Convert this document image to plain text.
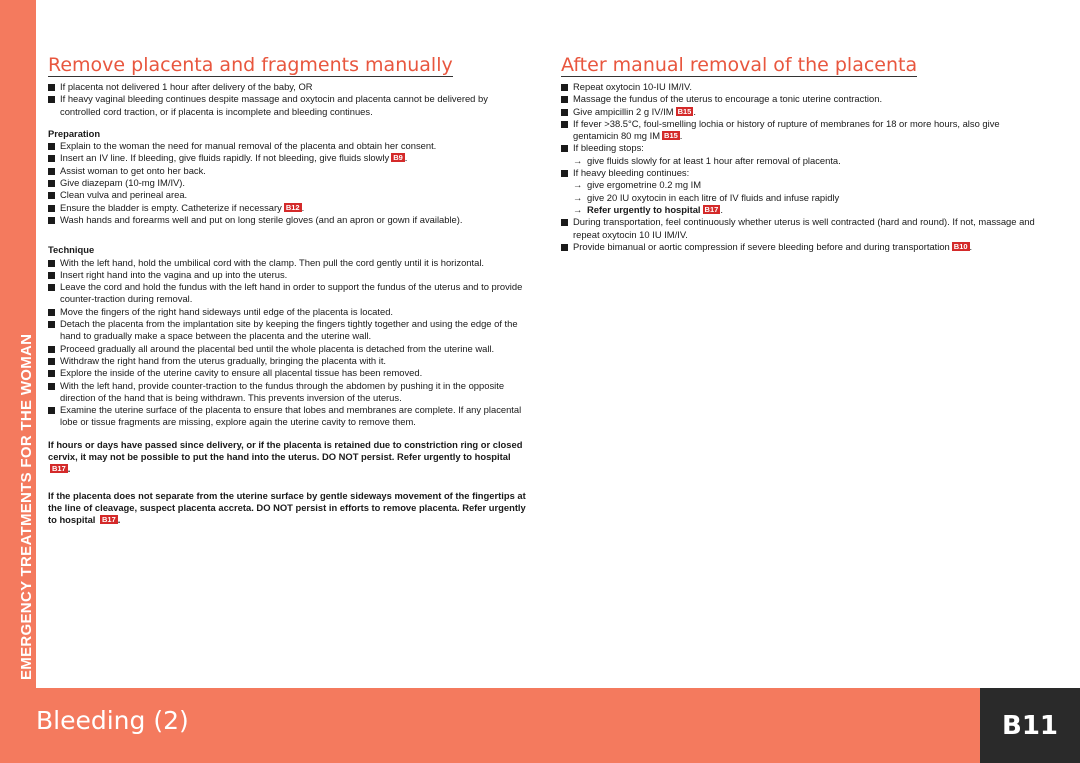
EMERGENCY TREATMENTS FOR THE WOMAN
Remove placenta and fragments manually
If placenta not delivered 1 hour after delivery of the baby, OR
If heavy vaginal bleeding continues despite massage and oxytocin and placenta cannot be delivered by controlled cord traction, or if placenta is incomplete and bleeding continues.
Preparation
Explain to the woman the need for manual removal of the placenta and obtain her consent.
Insert an IV line. If bleeding, give fluids rapidly. If not bleeding, give fluids slowly B9 .
Assist woman to get onto her back.
Give diazepam (10-mg IM/IV).
Clean vulva and perineal area.
Ensure the bladder is empty. Catheterize if necessary B12 .
Wash hands and forearms well and put on long sterile gloves (and an apron or gown if available).
Technique
With the left hand, hold the umbilical cord with the clamp. Then pull the cord gently until it is horizontal.
Insert right hand into the vagina and up into the uterus.
Leave the cord and hold the fundus with the left hand in order to support the fundus of the uterus and to provide counter-traction during removal.
Move the fingers of the right hand sideways until edge of the placenta is located.
Detach the placenta from the implantation site by keeping the fingers tightly together and using the edge of the hand to gradually make a space between the placenta and the uterine wall.
Proceed gradually all around the placental bed until the whole placenta is detached from the uterine wall.
Withdraw the right hand from the uterus gradually, bringing the placenta with it.
Explore the inside of the uterine cavity to ensure all placental tissue has been removed.
With the left hand, provide counter-traction to the fundus through the abdomen by pushing it in the opposite direction of the hand that is being withdrawn. This prevents inversion of the uterus.
Examine the uterine surface of the placenta to ensure that lobes and membranes are complete. If any placental lobe or tissue fragments are missing, explore again the uterine cavity to remove them.
If hours or days have passed since delivery, or if the placenta is retained due to constriction ring or closed cervix, it may not be possible to put the hand into the uterus. DO NOT persist. Refer urgently to hospital B17 .
If the placenta does not separate from the uterine surface by gentle sideways movement of the fingertips at the line of cleavage, suspect placenta accreta. DO NOT persist in efforts to remove placenta. Refer urgently to hospital B17 .
After manual removal of the placenta
Repeat oxytocin 10-IU IM/IV.
Massage the fundus of the uterus to encourage a tonic uterine contraction.
Give ampicillin 2 g IV/IM B15 .
If fever >38.5°C, foul-smelling lochia or history of rupture of membranes for 18 or more hours, also give gentamicin 80 mg IM B15 .
If bleeding stops:
→ give fluids slowly for at least 1 hour after removal of placenta.
If heavy bleeding continues:
→ give ergometrine 0.2 mg IM
→ give 20 IU oxytocin in each litre of IV fluids and infuse rapidly
→ Refer urgently to hospital B17 .
During transportation, feel continuously whether uterus is well contracted (hard and round). If not, massage and repeat oxytocin 10 IU IM/IV.
Provide bimanual or aortic compression if severe bleeding before and during transportation B10 .
Bleeding (2)	B11
